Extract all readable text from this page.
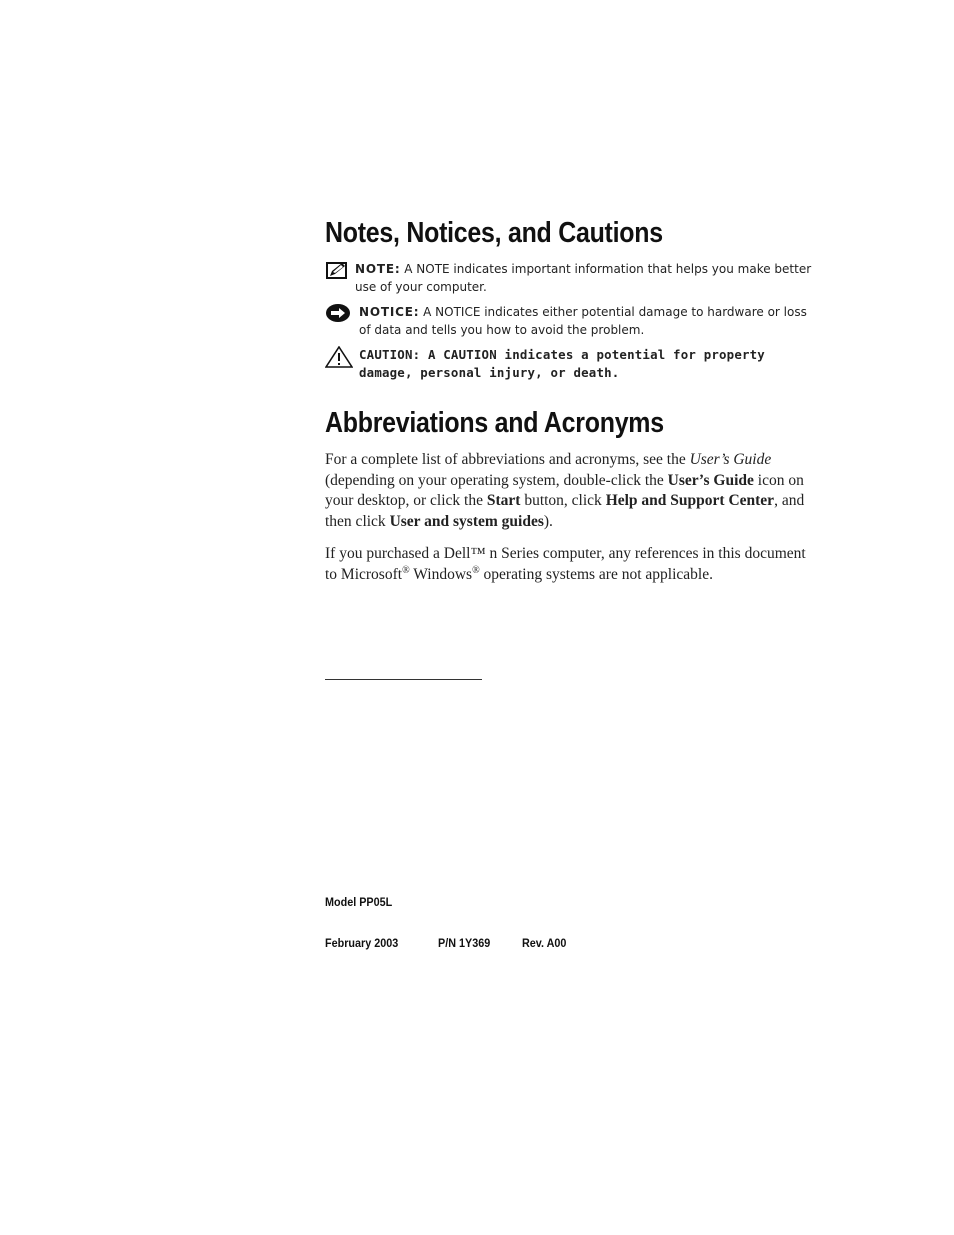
Notes, Notices, and Cautions
NOTE: A NOTE indicates important information that helps you make better use of your computer.
NOTICE: A NOTICE indicates either potential damage to hardware or loss of data and tells you how to avoid the problem.
CAUTION: A CAUTION indicates a potential for property damage, personal injury, or death.
Abbreviations and Acronyms

For a complete list of abbreviations and acronyms, see the User’s Guide (depending on your operating system, double-click the User’s Guide icon on your desktop, or click the Start button, click Help and Support Center, and then click User and system guides).

If you purchased a Dell™ n Series computer, any references in this document to Microsoft® Windows® operating systems are not applicable.

Model PP05L
February 2003	P/N 1Y369	Rev. A00
